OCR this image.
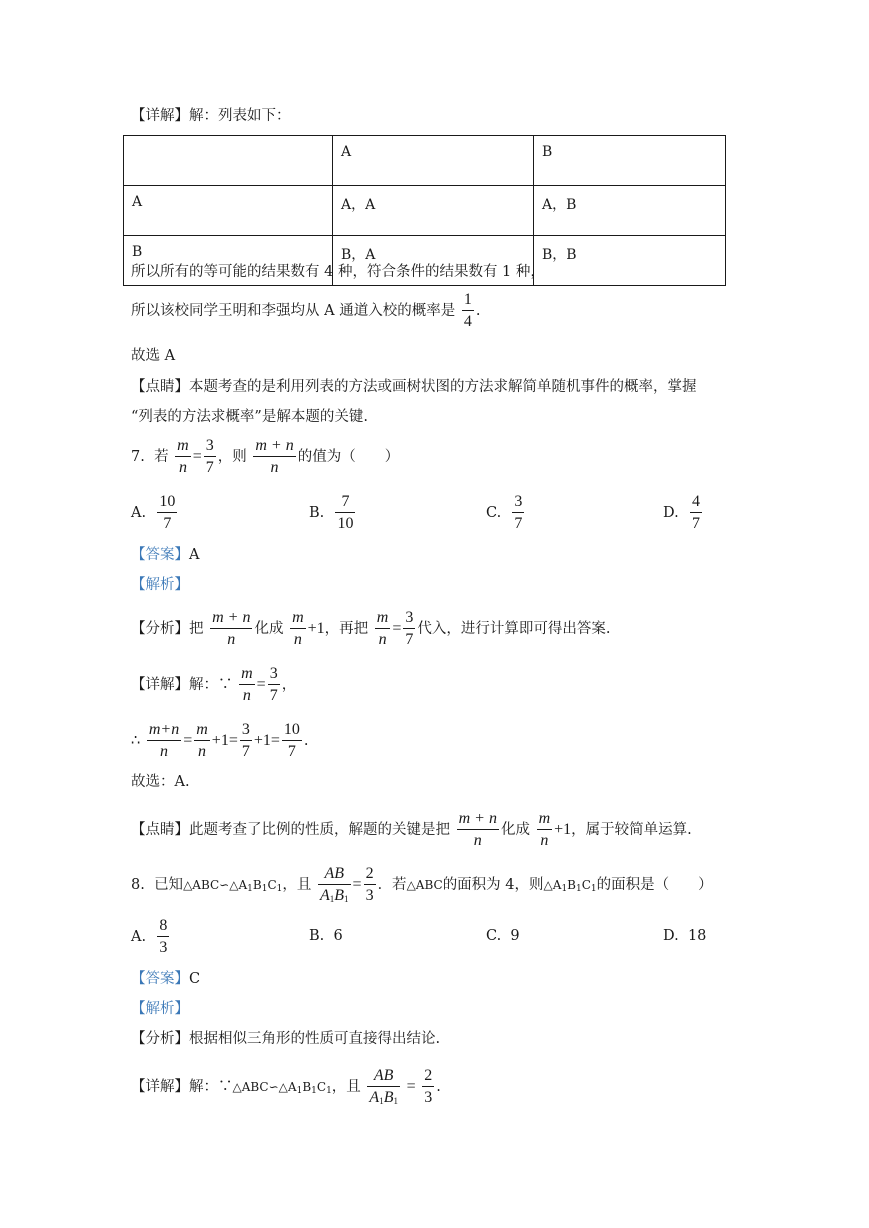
【详解】解：列表如下：
	A	B
A	A，A	A，B
B	B，A	B，B
所以所有的等可能的结果数有 4 种，符合条件的结果数有 1 种，
所以该校同学王明和李强均从 A 通道入校的概率是 $\frac{1}{4}$ .
故选 A
【点睛】本题考查的是利用列表的方法或画树状图的方法求解简单随机事件的概率，掌握
“列表的方法求概率”是解本题的关键.
7. 若 $\frac{m}{n} = \frac{3}{7}$ ，则 $\frac{m + n}{n}$ 的值为（　　）
A. $\frac{10}{7}$	B. $\frac{7}{10}$	C. $\frac{3}{7}$	D. $\frac{4}{7}$
【答案】A
【解析】
【分析】把 $\frac{m + n}{n}$ 化成 $\frac{m}{n} +1$，再把 $\frac{m}{n} = \frac{3}{7}$ 代入，进行计算即可得出答案.
【详解】解：∵ $\frac{m}{n} = \frac{3}{7}$ ，
∴ $\frac{m+n}{n} = \frac{m}{n} +1= \frac{3}{7} +1= \frac{10}{7}$ .
故选：A.
【点睛】此题考查了比例的性质，解题的关键是把 $\frac{m + n}{n}$ 化成 $\frac{m}{n} +1$，属于较简单运算.
8. 已知$\triangle ABC∽\triangle A_1B_1C_1$，且 $\frac{AB}{A_1B_1} = \frac{2}{3}$ ．若△ABC的面积为 4，则$\triangle A_1B_1C_1$的面积是（　　）
A. $\frac{8}{3}$	B. 6	C. 9	D. 18
【答案】C
【解析】
【分析】根据相似三角形的性质可直接得出结论.
【详解】解：$\because\triangle ABC∽\triangle A_1B_1C_1$，且 $\frac{AB}{A_1B_1} = \frac{2}{3}$ .
